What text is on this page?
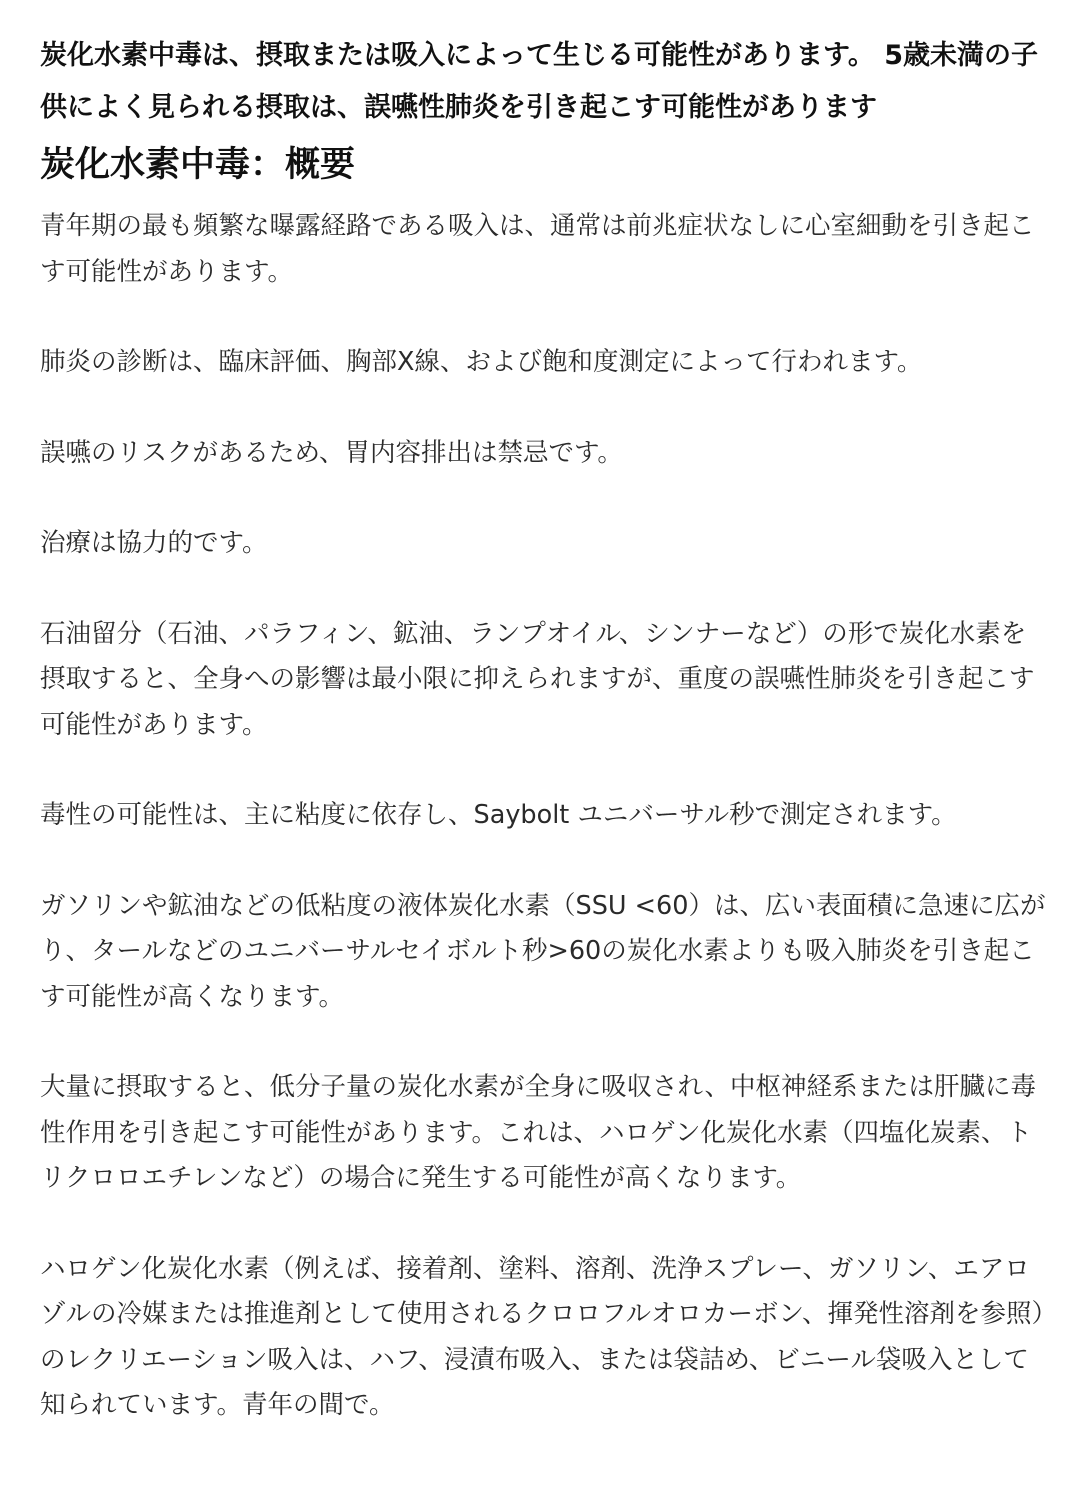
炭化水素中毒は、摂取または吸入によって生じる可能性があります。 5歳未満の子供によく見られる摂取は、誤嚥性肺炎を引き起こす可能性があります

炭化水素中毒：概要

青年期の最も頻繁な曝露経路である吸入は、通常は前兆症状なしに心室細動を引き起こす可能性があります。

肺炎の診断は、臨床評価、胸部X線、および飽和度測定によって行われます。

誤嚥のリスクがあるため、胃内容排出は禁忌です。

治療は協力的です。

石油留分（石油、パラフィン、鉱油、ランプオイル、シンナーなど）の形で炭化水素を摂取すると、全身への影響は最小限に抑えられますが、重度の誤嚥性肺炎を引き起こす可能性があります。

毒性の可能性は、主に粘度に依存し、Saybolt ユニバーサル秒で測定されます。

ガソリンや鉱油などの低粘度の液体炭化水素（SSU <60）は、広い表面積に急速に広がり、タールなどのユニバーサルセイボルト秒>60の炭化水素よりも吸入肺炎を引き起こす可能性が高くなります。

大量に摂取すると、低分子量の炭化水素が全身に吸収され、中枢神経系または肝臓に毒性作用を引き起こす可能性があります。これは、ハロゲン化炭化水素（四塩化炭素、トリクロロエチレンなど）の場合に発生する可能性が高くなります。

ハロゲン化炭化水素（例えば、接着剤、塗料、溶剤、洗浄スプレー、ガソリン、エアロゾルの冷媒または推進剤として使用されるクロロフルオロカーボン、揮発性溶剤を参照）のレクリエーション吸入は、ハフ、浸漬布吸入、または袋詰め、ビニール袋吸入として知られています。青年の間で。
